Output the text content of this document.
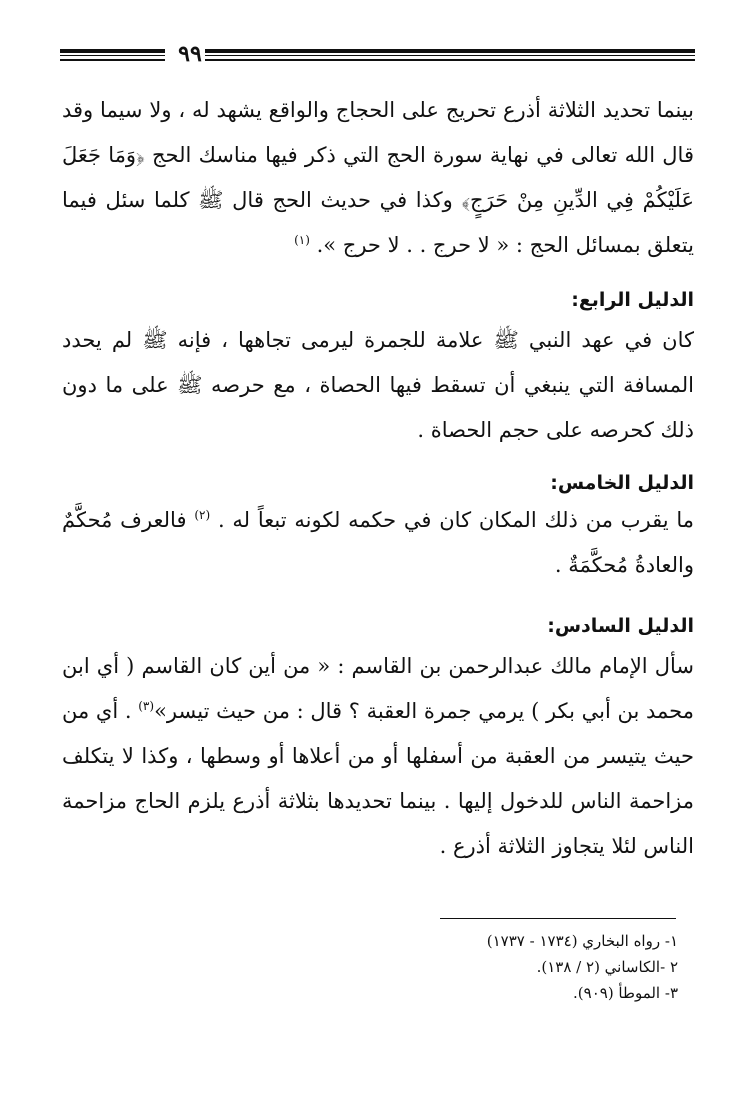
٩٩

بينما تحديد الثلاثة أذرع تحريج على الحجاج والواقع يشهد له ، ولا سيما وقد قال الله تعالى في نهاية سورة الحج التي ذكر فيها مناسك الحج ﴿وَمَا جَعَلَ عَلَيْكُمْ فِي الدِّينِ مِنْ حَرَجٍ﴾ وكذا في حديث الحج قال ﷺ كلما سئل فيما يتعلق بمسائل الحج : « لا حرج . . لا حرج ». $^{(١)}$

الدليل الرابع:

كان في عهد النبي ﷺ علامة للجمرة ليرمى تجاهها ، فإنه ﷺ لم يحدد المسافة التي ينبغي أن تسقط فيها الحصاة ، مع حرصه ﷺ على ما دون ذلك كحرصه على حجم الحصاة .

الدليل الخامس:

ما يقرب من ذلك المكان كان في حكمه لكونه تبعاً له . $^{(٢)}$ فالعرف مُحكَّمٌ والعادةُ مُحكَّمَةٌ .

الدليل السادس:

سأل الإمام مالك عبدالرحمن بن القاسم : « من أين كان القاسم ( أي ابن محمد بن أبي بكر ) يرمي جمرة العقبة ؟ قال : من حيث تيسر»$^{(٣)}$ . أي من حيث يتيسر من العقبة من أسفلها أو من أعلاها أو وسطها ، وكذا لا يتكلف مزاحمة الناس للدخول إليها . بينما تحديدها بثلاثة أذرع يلزم الحاج مزاحمة الناس لئلا يتجاوز الثلاثة أذرع .

١- رواه البخاري (١٧٣٤ - ١٧٣٧)

٢ -الكاساني (٢ / ١٣٨).

٣- الموطأ (٩٠٩).
